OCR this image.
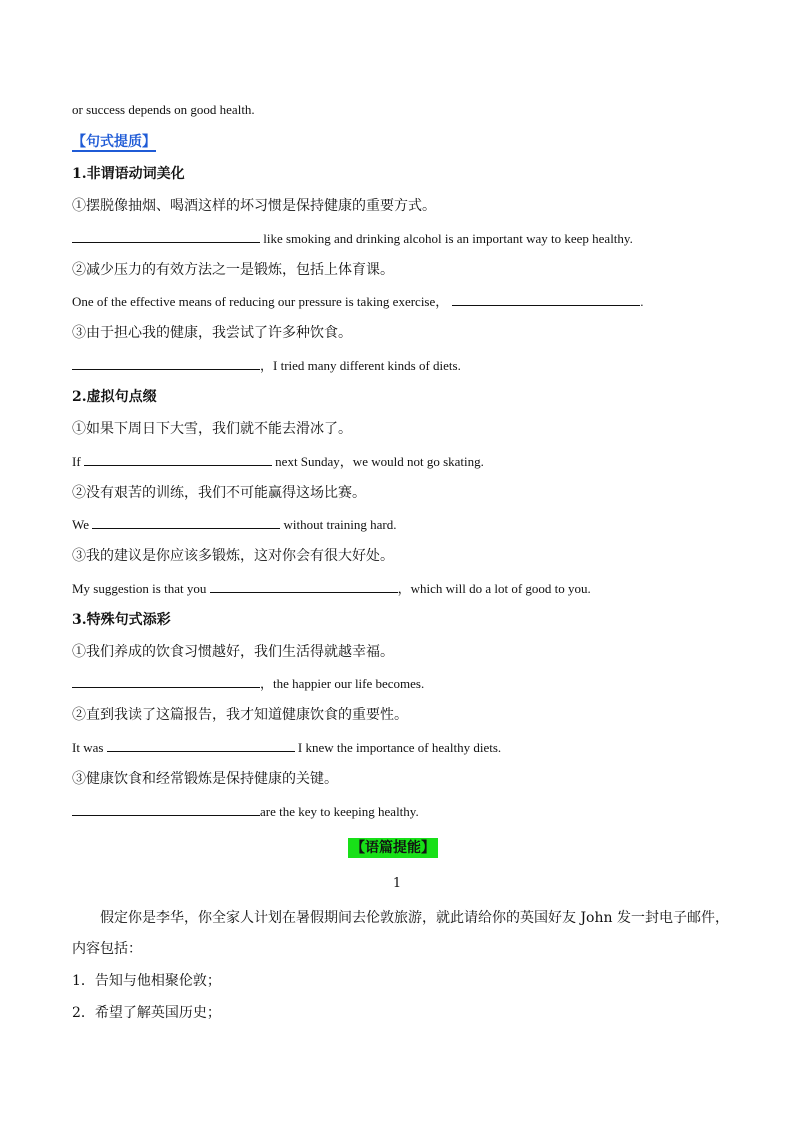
or success depends on good health.
【句式提质】
1.非谓语动词美化
①摆脱像抽烟、喝酒这样的坏习惯是保持健康的重要方式。
like smoking and drinking alcohol is an important way to keep healthy.
②减少压力的有效方法之一是锻炼，包括上体育课。
One of the effective means of reducing our pressure is taking exercise，	.
③由于担心我的健康，我尝试了许多种饮食。
，I tried many different kinds of diets.
2.虚拟句点缀
①如果下周日下大雪，我们就不能去滑冰了。
If	next Sunday，we would not go skating.
②没有艰苦的训练，我们不可能赢得这场比赛。
We	without training hard.
③我的建议是你应该多锻炼，这对你会有很大好处。
My suggestion is that you	，which will do a lot of good to you.
3.特殊句式添彩
①我们养成的饮食习惯越好，我们生活得就越幸福。
，the happier our life becomes.
②直到我读了这篇报告，我才知道健康饮食的重要性。
It was	I knew the importance of healthy diets.
③健康饮食和经常锻炼是保持健康的关键。
are the key to keeping healthy.
【语篇提能】
1
假定你是李华，你全家人计划在暑假期间去伦敦旅游，就此请给你的英国好友 John 发一封电子邮件，
内容包括：
1．告知与他相聚伦敦；
2．希望了解英国历史；
